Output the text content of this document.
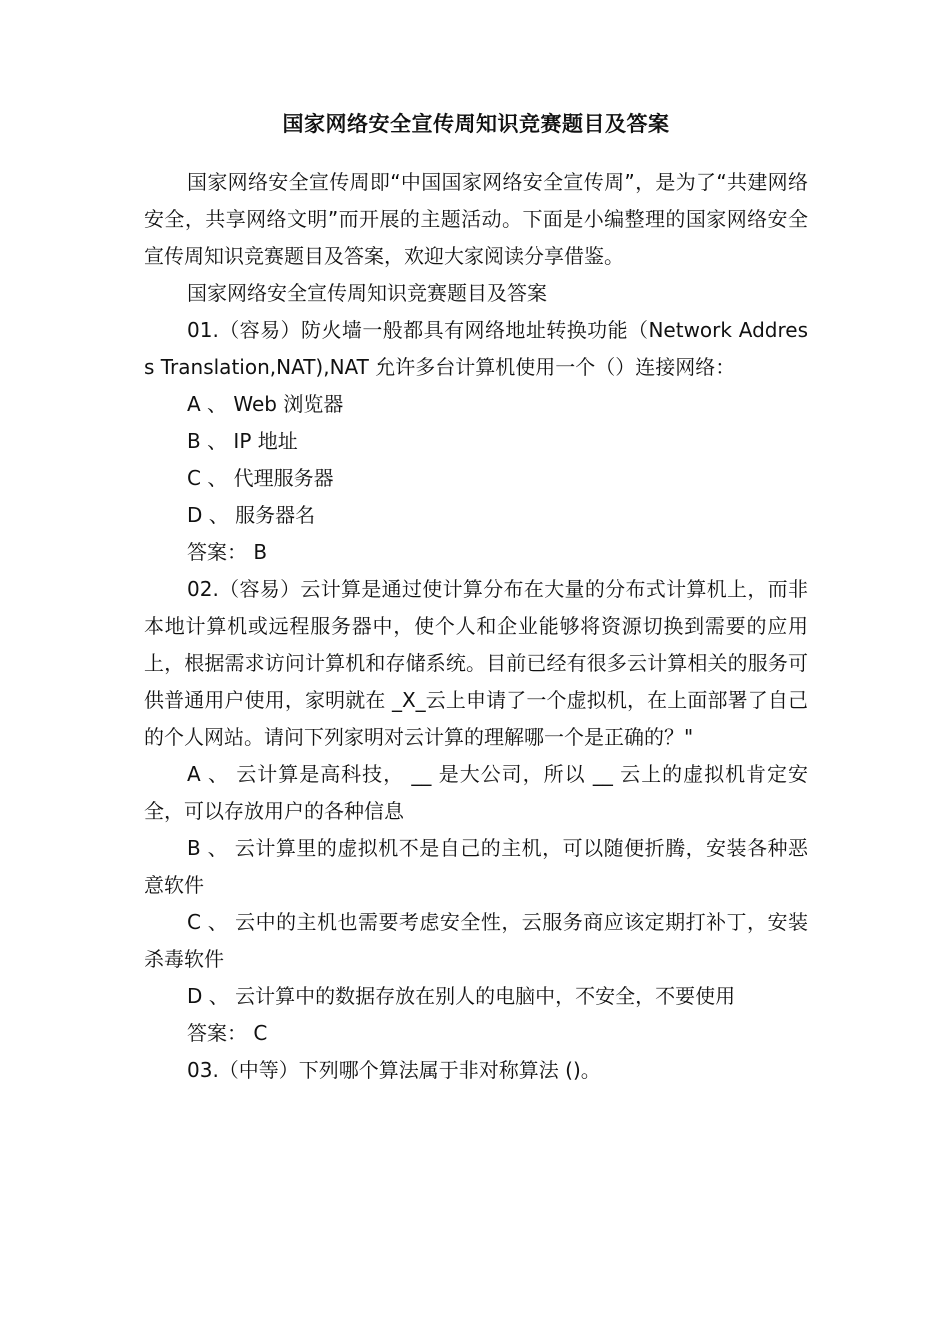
国家网络安全宣传周知识竞赛题目及答案

国家网络安全宣传周即“中国国家网络安全宣传周”，是为了“共建网络安全，共享网络文明”而开展的主题活动。下面是小编整理的国家网络安全宣传周知识竞赛题目及答案，欢迎大家阅读分享借鉴。

国家网络安全宣传周知识竞赛题目及答案

01.（容易）防火墙一般都具有网络地址转换功能（Network Address Translation,NAT),NAT 允许多台计算机使用一个（）连接网络：

A 、 Web 浏览器

B 、 IP 地址

C 、 代理服务器

D 、 服务器名

答案： B

02.（容易）云计算是通过使计算分布在大量的分布式计算机上，而非本地计算机或远程服务器中，使个人和企业能够将资源切换到需要的应用上，根据需求访问计算机和存储系统。目前已经有很多云计算相关的服务可供普通用户使用，家明就在 _X_云上申请了一个虚拟机，在上面部署了自己的个人网站。请问下列家明对云计算的理解哪一个是正确的？"

A 、 云计算是高科技， __ 是大公司，所以 __ 云上的虚拟机肯定安全，可以存放用户的各种信息

B 、 云计算里的虚拟机不是自己的主机，可以随便折腾，安装各种恶意软件

C 、 云中的主机也需要考虑安全性，云服务商应该定期打补丁，安装杀毒软件

D 、 云计算中的数据存放在别人的电脑中，不安全，不要使用

答案： C

03.（中等）下列哪个算法属于非对称算法 ()。
